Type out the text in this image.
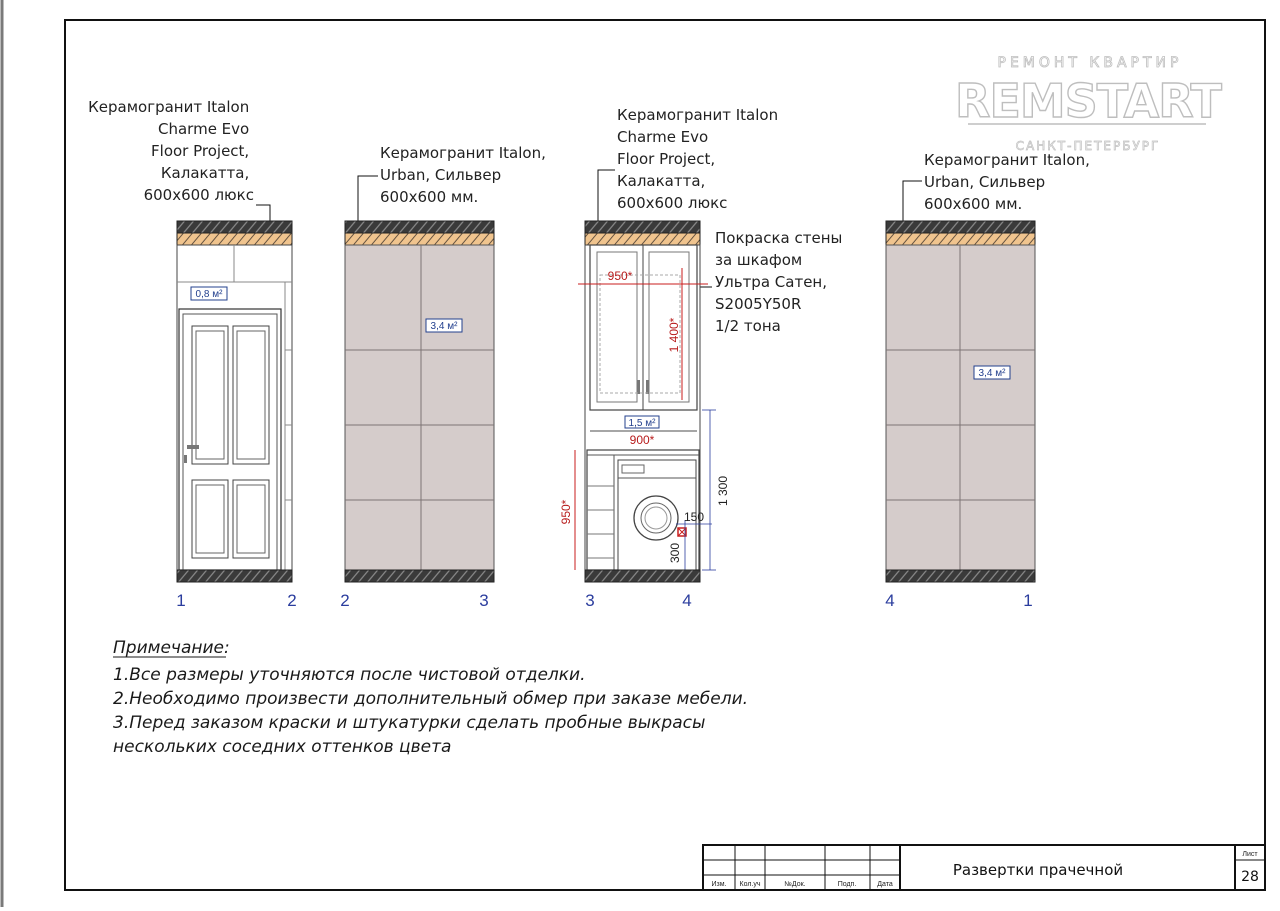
РЕМОНТ КВАРТИР
REMSTART
САНКТ-ПЕТЕРБУРГ
Керамогранит Italon Charme Evo Floor Project, Калакатта, 600х600 люкс
0,8 м²
1	2
Керамогранит Italon, Urban, Сильвер 600х600 мм.
3,4 м²
2	3
Керамогранит Italon Charme Evo Floor Project, Калакатта, 600х600 люкс
Покраска стены за шкафом Ультра Сатен, S2005Y50R 1/2 тона
950*
1 400*
1,5 м²
900*
950*
1 300
150
300
3	4
Керамогранит Italon, Urban, Сильвер 600х600 мм.
3,4 м²
4	1
Примечание:
1.Все размеры уточняются после чистовой отделки.
2.Необходимо произвести дополнительный обмер при заказе мебели.
3.Перед заказом краски и штукатурки сделать пробные выкрасы
нескольких соседних оттенков цвета
Изм. Кол.уч	№Док.	Подп.	Дата
Развертки прачечной
Лист
28
